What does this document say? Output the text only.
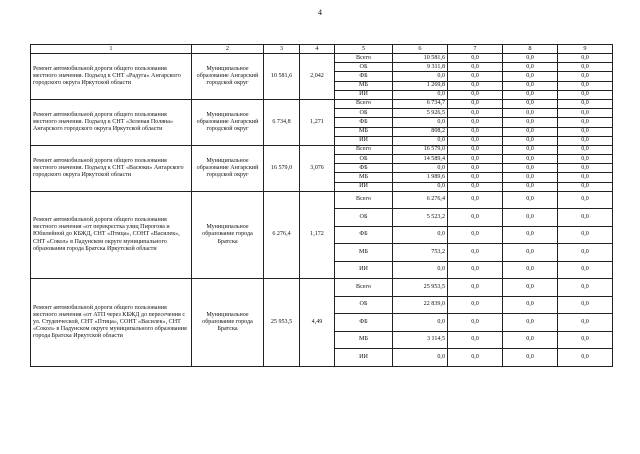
4
1	2	3	4	5	6	7	8	9
Ремонт автомобильной дороги общего пользования местного значения. Подъезд к СНТ «Радуга» Ангарского городского округа Иркутской области	Муниципальное образование Ангарский городской округ	10 581,6	2,042	Всего	10 581,6	0,0	0,0	0,0
				ОБ	9 311,8	0,0	0,0	0,0
				ФБ	0,0	0,0	0,0	0,0
				МБ	1 269,8	0,0	0,0	0,0
				ИИ	0,0	0,0	0,0	0,0
Ремонт автомобильной дороги общего пользования местного значения. Подъезд к СНТ «Зеленая Поляна» Ангарского городского округа Иркутской области	Муниципальное образование Ангарский городской округ	6 734,8	1,271	Всего	6 734,7	0,0	0,0	0,0
				ОБ	5 926,5	0,0	0,0	0,0
				ФБ	0,0	0,0	0,0	0,0
				МБ	808,2	0,0	0,0	0,0
				ИИ	0,0	0,0	0,0	0,0
Ремонт автомобильной дороги общего пользования местного значения. Подъезд к СНТ «Васюки» Ангарского городского округа Иркутской области	Муниципальное образование Ангарский городской округ	16 579,0	3,076	Всего	16 579,0	0,0	0,0	0,0
				ОБ	14 589,4	0,0	0,0	0,0
				ФБ	0,0	0,0	0,0	0,0
				МБ	1 989,6	0,0	0,0	0,0
				ИИ	0,0	0,0	0,0	0,0
Ремонт автомобильной дороги общего пользования местного значения «от перекрестка улиц Пирогова и Юбилейной до КБЖД, СНТ «Птица», СОНТ «Василек», СНТ «Сокол» в Падунском округе муниципального образования города Братска Иркутской области	Муниципальное образование города Братска	6 276,4	1,172	Всего	6 276,4	0,0	0,0	0,0
				ОБ	5 523,2	0,0	0,0	0,0
				ФБ	0,0	0,0	0,0	0,0
				МБ	753,2	0,0	0,0	0,0
				ИИ	0,0	0,0	0,0	0,0
Ремонт автомобильной дороги общего пользования местного значения «от АТП через КБЖД до пересечения с ул. Студенческой, СНТ «Птица», СОНТ «Василек», СНТ «Сокол» в Падунском округе муниципального образования города Братска Иркутской области	Муниципальное образование города Братска	25 953,5	4,49	Всего	25 953,5	0,0	0,0	0,0
				ОБ	22 839,0	0,0	0,0	0,0
				ФБ	0,0	0,0	0,0	0,0
				МБ	3 114,5	0,0	0,0	0,0
				ИИ	0,0	0,0	0,0	0,0
